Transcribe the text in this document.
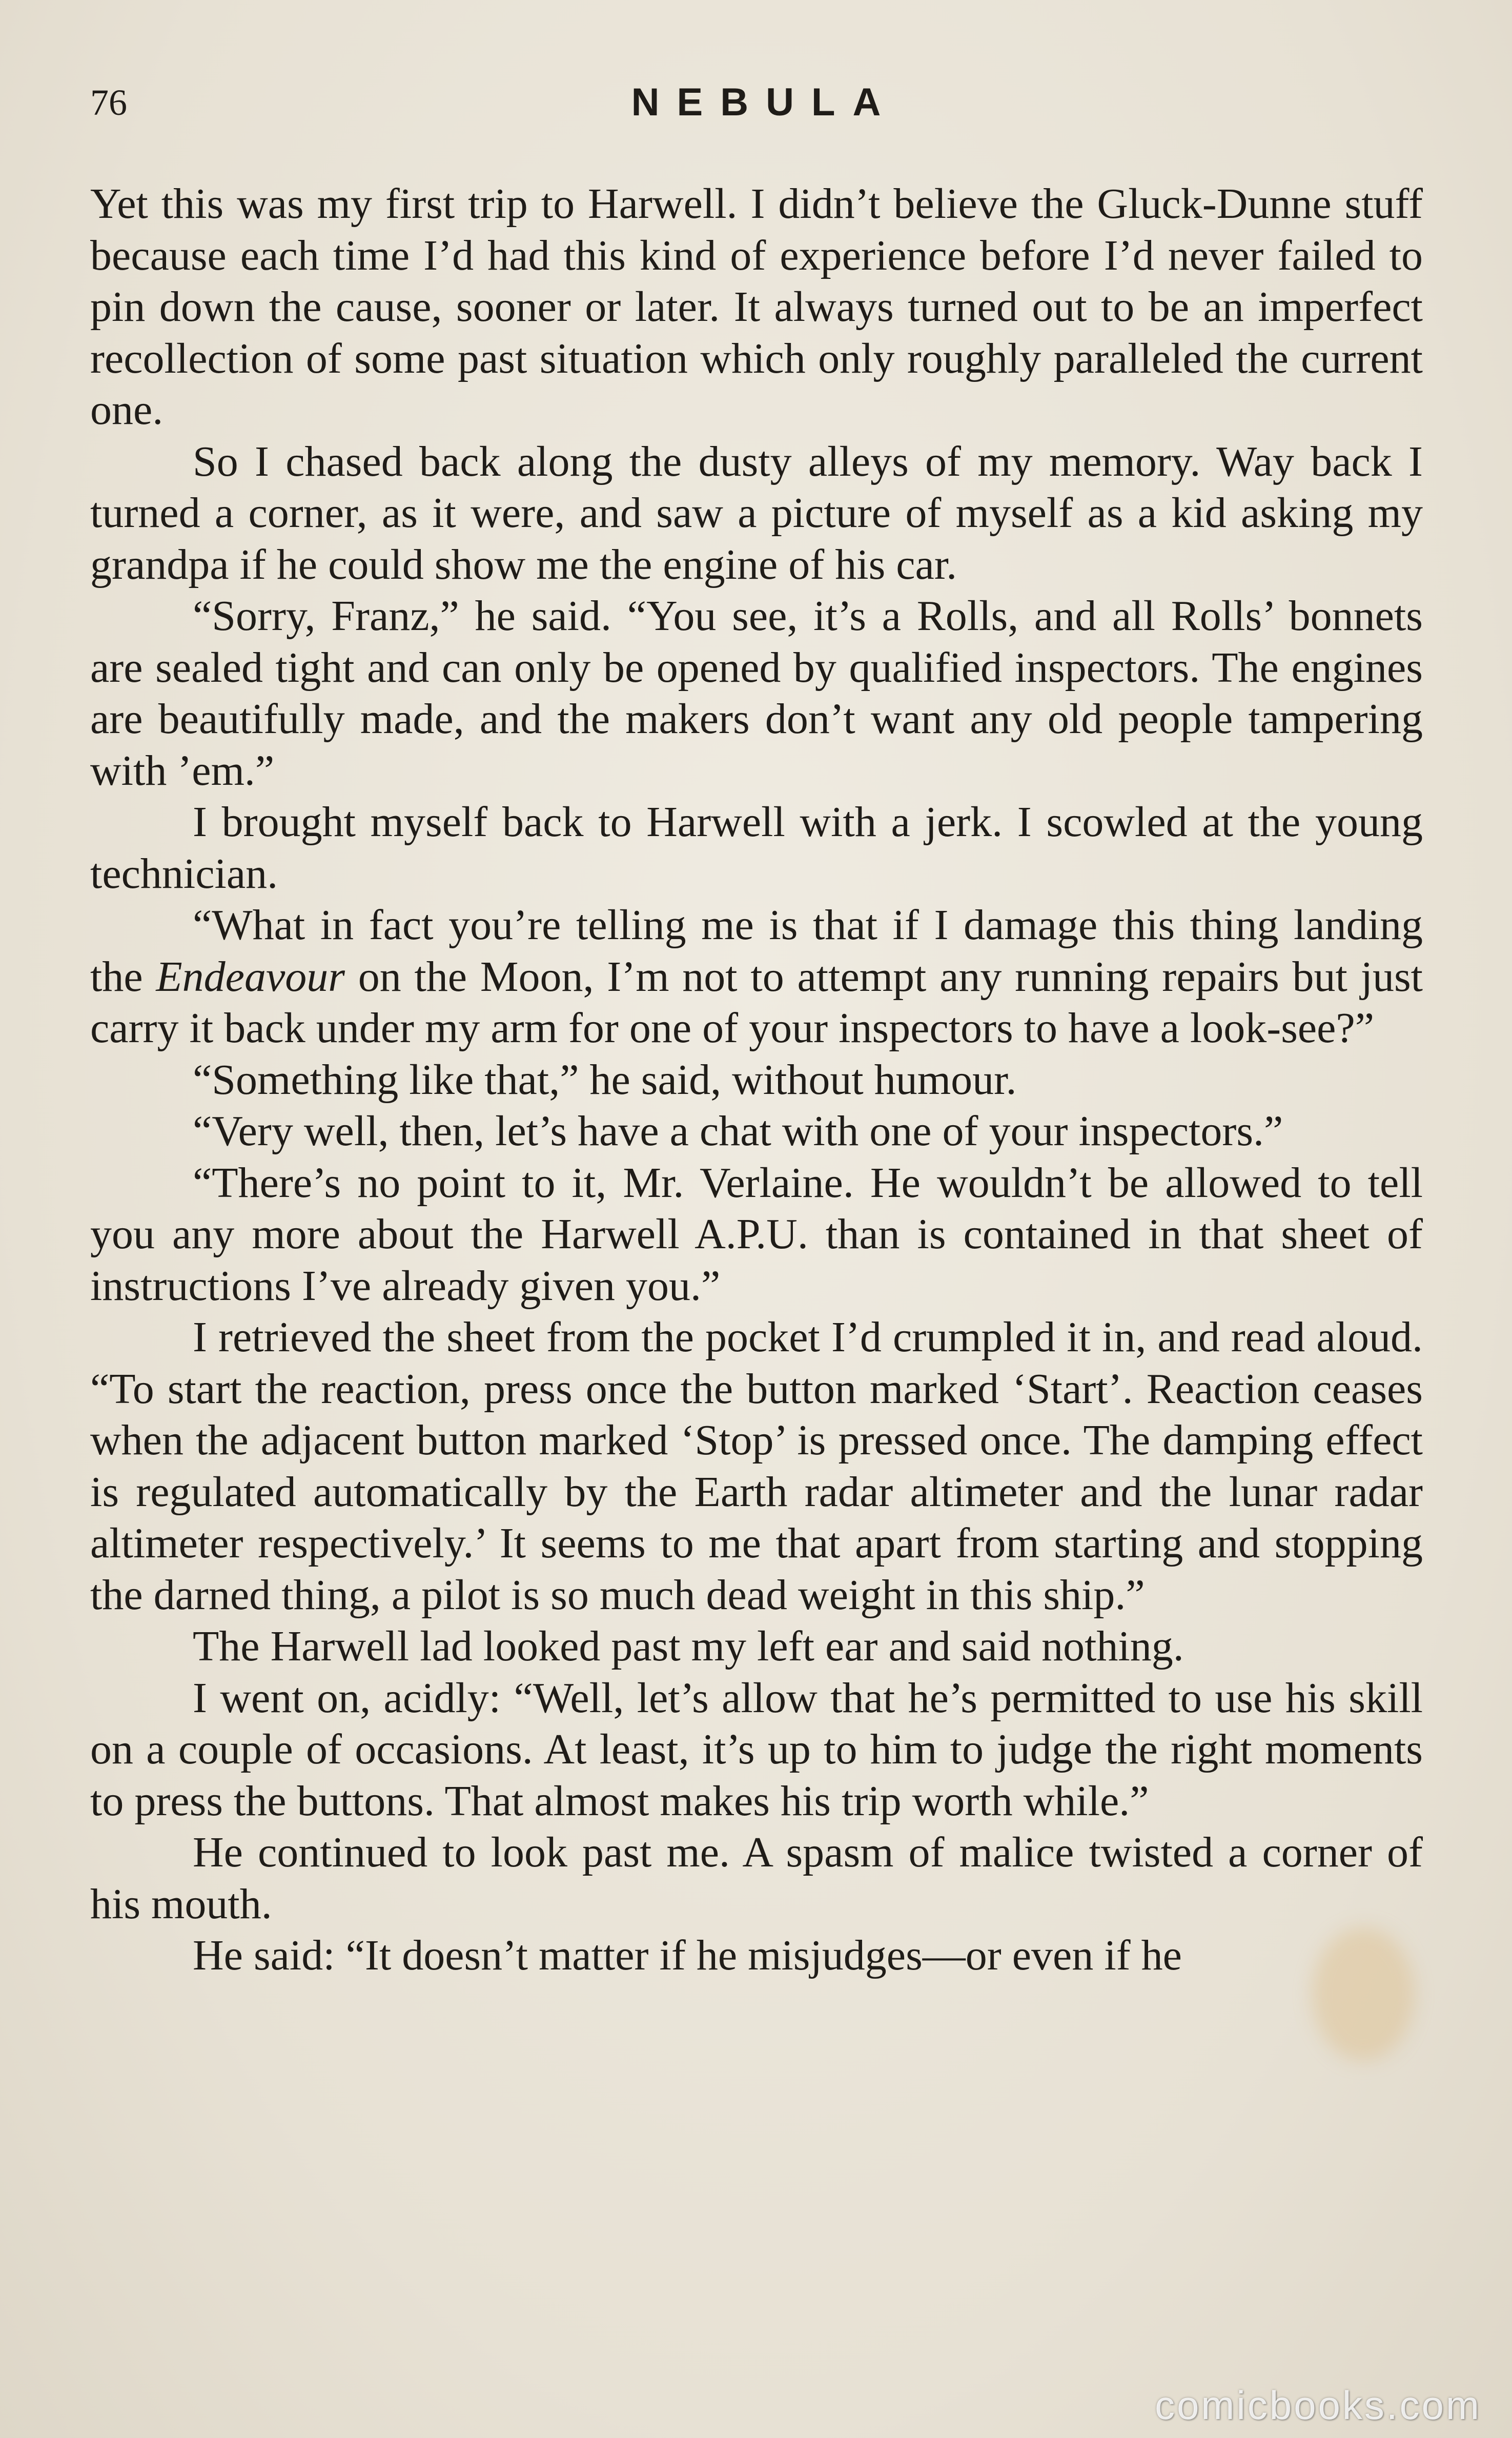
76	NEBULA

Yet this was my first trip to Harwell. I didn’t believe the Gluck-Dunne stuff because each time I’d had this kind of experience before I’d never failed to pin down the cause, sooner or later. It always turned out to be an imperfect recollection of some past situation which only roughly paralleled the current one.

So I chased back along the dusty alleys of my memory. Way back I turned a corner, as it were, and saw a picture of myself as a kid asking my grandpa if he could show me the engine of his car.

“Sorry, Franz,” he said. “You see, it’s a Rolls, and all Rolls’ bonnets are sealed tight and can only be opened by qualified inspectors. The engines are beautifully made, and the makers don’t want any old people tampering with ’em.”

I brought myself back to Harwell with a jerk. I scowled at the young technician.

“What in fact you’re telling me is that if I damage this thing landing the Endeavour on the Moon, I’m not to attempt any running repairs but just carry it back under my arm for one of your inspectors to have a look-see?”

“Something like that,” he said, without humour.

“Very well, then, let’s have a chat with one of your inspectors.”

“There’s no point to it, Mr. Verlaine. He wouldn’t be allowed to tell you any more about the Harwell A.P.U. than is contained in that sheet of instructions I’ve already given you.”

I retrieved the sheet from the pocket I’d crumpled it in, and read aloud. “To start the reaction, press once the button marked ‘Start’. Reaction ceases when the adjacent button marked ‘Stop’ is pressed once. The damping effect is regulated automatically by the Earth radar altimeter and the lunar radar altimeter respectively.’ It seems to me that apart from starting and stopping the darned thing, a pilot is so much dead weight in this ship.”

The Harwell lad looked past my left ear and said nothing.

I went on, acidly: “Well, let’s allow that he’s permitted to use his skill on a couple of occasions. At least, it’s up to him to judge the right moments to press the buttons. That almost makes his trip worth while.”

He continued to look past me. A spasm of malice twisted a corner of his mouth.

He said: “It doesn’t matter if he misjudges—or even if he

comicbooks.com
